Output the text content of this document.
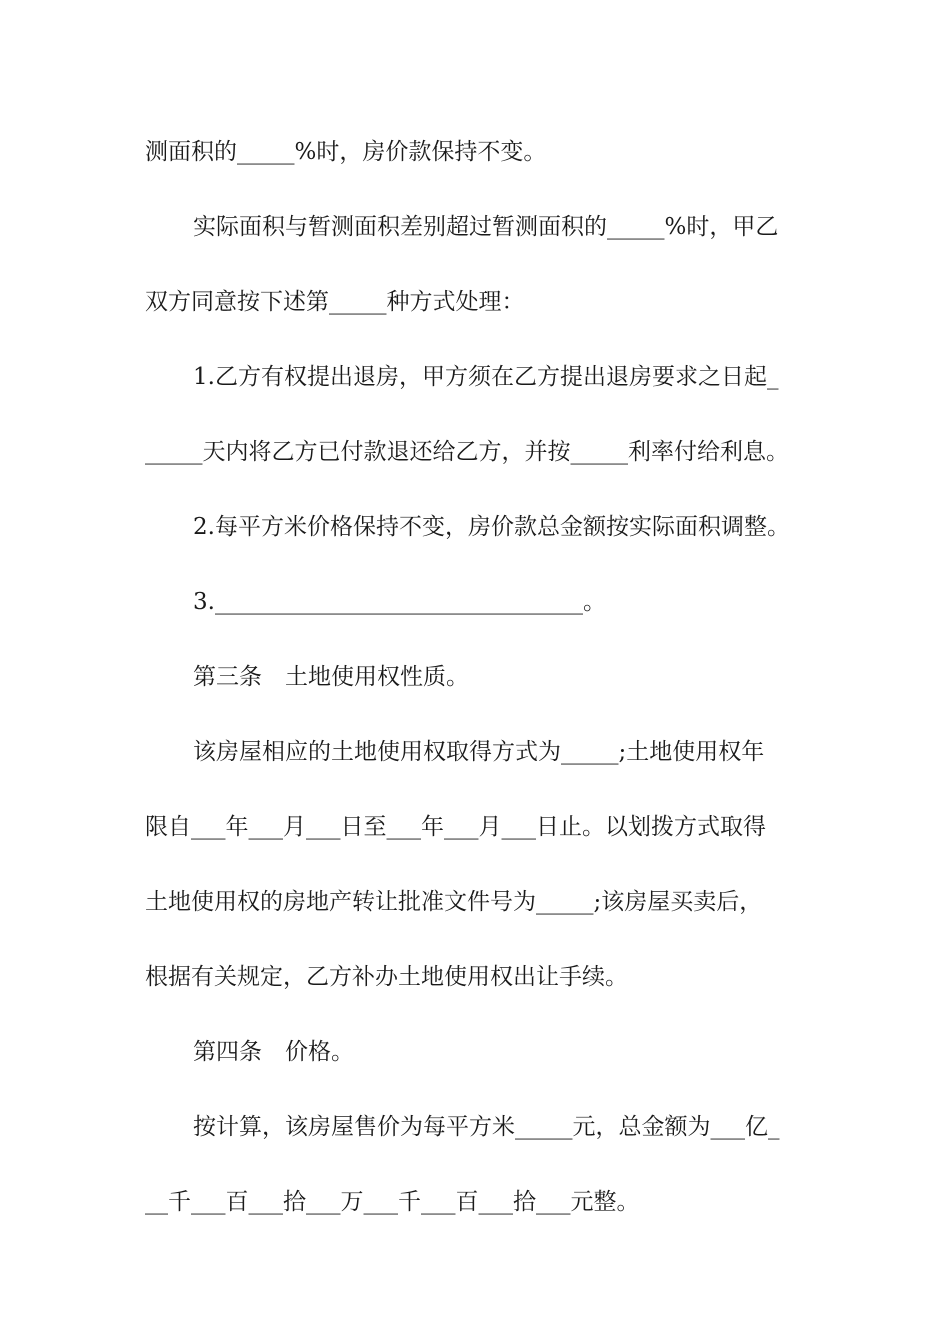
测面积的_____%时，房价款保持不变。
实际面积与暂测面积差别超过暂测面积的_____%时，甲乙
双方同意按下述第_____种方式处理：
1.乙方有权提出退房，甲方须在乙方提出退房要求之日起_
_____天内将乙方已付款退还给乙方，并按_____利率付给利息。
2.每平方米价格保持不变，房价款总金额按实际面积调整。
3.________________________________。
第三条　土地使用权性质。
该房屋相应的土地使用权取得方式为_____;土地使用权年
限自___年___月___日至___年___月___日止。以划拨方式取得
土地使用权的房地产转让批准文件号为_____;该房屋买卖后，
根据有关规定，乙方补办土地使用权出让手续。
第四条　价格。
按计算，该房屋售价为每平方米_____元，总金额为___亿_
__千___百___拾___万___千___百___拾___元整。
